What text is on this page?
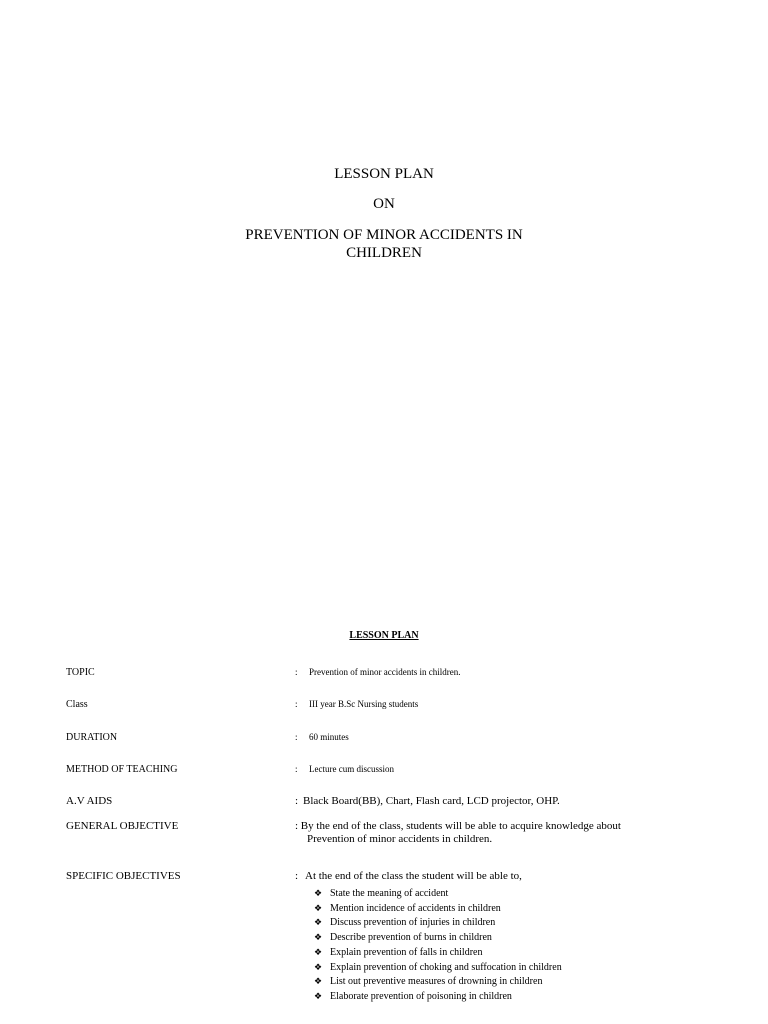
LESSON PLAN
ON
PREVENTION OF MINOR ACCIDENTS IN
CHILDREN
LESSON PLAN
TOPIC	: Prevention of minor accidents in children.
Class	: III year B.Sc Nursing students
DURATION	: 60 minutes
METHOD OF TEACHING	: Lecture cum discussion
A.V AIDS	: Black Board(BB), Chart, Flash card, LCD projector, OHP.
GENERAL OBJECTIVE	: By the end of the class, students will be able to acquire knowledge about
Prevention of minor accidents in children.
SPECIFIC OBJECTIVES	: At the end of the class the student will be able to,
❖ State the meaning of accident
❖ Mention incidence of accidents in children
❖ Discuss prevention of injuries in children
❖ Describe prevention of burns in children
❖ Explain prevention of falls in children
❖ Explain prevention of choking and suffocation in children
❖ List out preventive measures of drowning in children
❖ Elaborate prevention of poisoning in children
